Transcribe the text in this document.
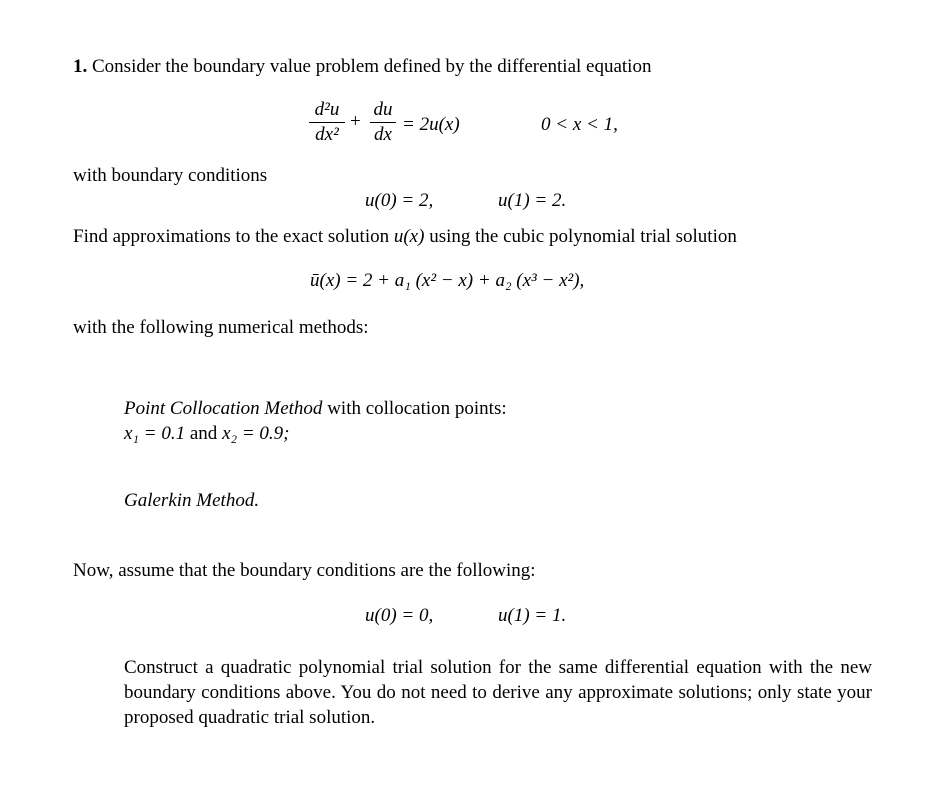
1. Consider the boundary value problem defined by the differential equation
d²u
dx²
+
du
dx = 2u(x)	0 < x < 1,
with boundary conditions
u(0) = 2,	u(1) = 2.
Find approximations to the exact solution u(x) using the cubic polynomial trial solution
ū(x) = 2 + a₁ (x² − x) + a₂ (x³ − x²),
with the following numerical methods:
Point Collocation Method with collocation points:
x₁ = 0.1 and x₂ = 0.9;
Galerkin Method.
Now, assume that the boundary conditions are the following:
u(0) = 0,	u(1) = 1.
Construct a quadratic polynomial trial solution for the same differential equation with the new boundary conditions above. You do not need to derive any approximate solutions; only state your proposed quadratic trial solution.
